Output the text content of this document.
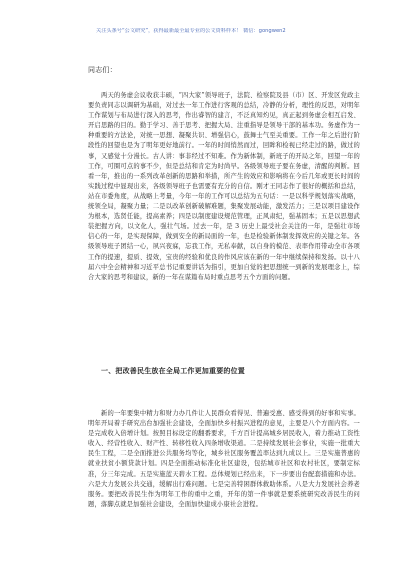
关注头条号“公文研究”，获得最新最全最专业的公文资料样本！ 微信：gongwen2
同志们：

两天的务虚会议收获丰硕，“四大家”领导班子，法院、检察院及县（市）区、开发区党政主要负责同志以调研为基础，对过去一年工作进行客观的总结，冷静的分析，理性的反思，对明年工作谋划与布局进行深入的思考，作出睿智的建言，不泛真知灼见，真正起到务虚会相互启发、开启思路的目的。勤于学习、善于思考、把握大局、注重指导是领导干部的基本功。务虚作为一种重要的方法论，对统一思想、凝聚共识、增强信心，鼓舞士气至关重要。工作一年之后进行阶段性的回望也是为了明年更好地前行。一年的时间悄然而过，回眸和检视已经走过的路，做过的事，又感觉十分漫长。古人讲：事非经过不知难。作为新体制，新班子的开局之年，回望一年的工作，可圈可点的事不少，但是总结和肯定为时尚早。各级领导班子要在务虚，清醒的判断。回看一年，推出的一系列改革创新的思路和举措，所产生的效应和影响将在今后几年或更长时间的实践过程中显现出来，各级领导班子也需要有充分的自信。刚才王同志作了很好的概括和总结，站在市委角度，从战略上考量，今年一年的工作可以总结为五句话：一是以科学规划落实战略，统领全局，凝聚力量；二是以改革创新破解难题，集聚发展动能，激发活力；三是以项目建设作为根本，选贤任能，提高素养；四是以制度建设规范管理，正风肃纪，强基固本；五是以思想武装把握方向，以文化人，强壮气场。过去一年，是 3 历史上最受社会关注的一年，是强壮市场信心的一年，是实现保障，做到安全的新局面的一年，也是检验新体制发挥效应的关键之年。各级领导班子团结一心，夙兴夜寐，忘我工作，无私奉献，以自身的模范、表率作用带动全市各项工作的提速，提质、提效，宝贵的经验和优良的作风应该在新的一年中继续保持和发扬。以十八届六中全会精神和习近平总书记重要讲话为指引，更加自觉的把思想统一到新的发展理念上，综合大家的思考和建议，新的一年在谋篇布局时重点思考五个方面的问题。

一、把改善民生放在全局工作更加重要的位置

新的一年要集中精力和财力办几件让人民群众看得见、普遍受惠、感受得到的好事和实事。明年开局着手研究出台加强社会建设，全面加快乡村振兴进程的意见，主要是八个方面内容。一是完成收入倍增计划。按照目标设定的翻番要求，千方百计提高城乡居民收入，着力推动工资性收入、经营性收入、财产性、转移性收入四条增收渠道。二是持续发展社会事业，实施一批重大民生工程，二是全面推进公共服务均等化，城乡社区服务覆盖率达到九成以上。三是实施普惠的就业扶贫小额贷款计划。四是全面推动标准化社区建设，包括城市社区和农村社区，要制定标准，分三年完成。五是实施蓝天碧水工程。总体规划已经出来，下一步要出台配套措施和办法。六是大力发展公共交通，缓解出行难问题。七是完善特困群体救助体系。八是大力发展社会养老服务。要把改善民生作为明年工作的重中之重，开年的第一件事就是要系统研究改善民生的问题，落脚点就是加强社会建设，全面加快建成小康社会进程。
